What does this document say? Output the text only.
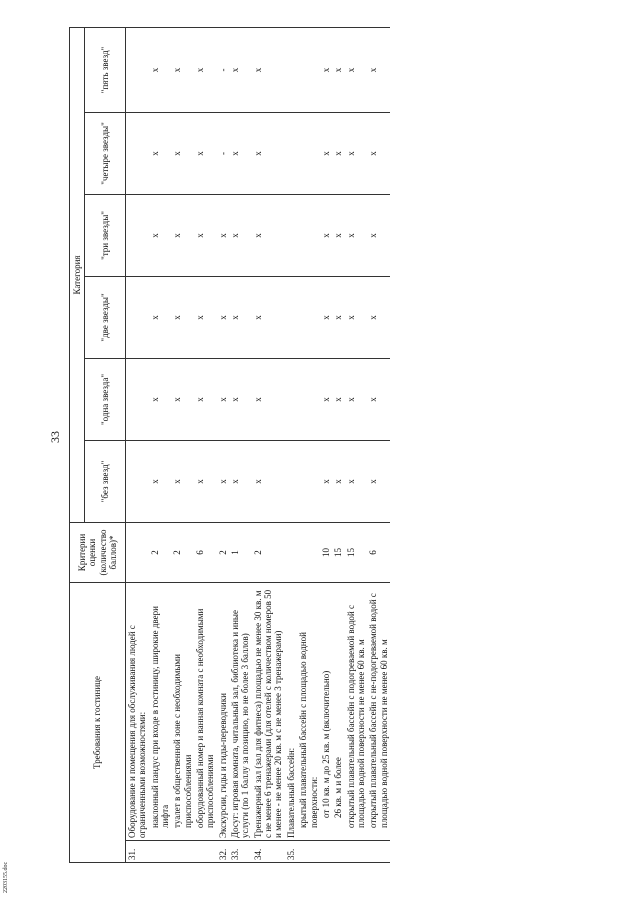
33
Требования к гостинице		Критерии оценки (количество баллов)*	Категория					
			"без звезд"	"одна звезда"	"две звезды"	"три звезды"	"четыре звезды"	"пять звезд"
31.	Оборудование и помещения для обслуживания людей с ограниченными возможностями:							
	наклонный пандус при входе в гостиницу, широкие двери лифта	2	x	x	x	x	x	x
	туалет в общественной зоне с необходимыми приспособлениями	2	x	x	x	x	x	x
	оборудованный номер и ванная комната с необходимыми приспособлениями	6	x	x	x	x	x	x
32.	Экскурсии, гиды и гиды-переводчики	2	x	x	x	x	-	-
33.	Досуг: игровая комната, читальный зал, библиотека и иные услуги (по 1 баллу за позицию, но не более 3 баллов)	1	x	x	x	x	x	x
34.	Тренажерный зал (зал для фитнеса) площадью не менее 30 кв. м с не менее 6 тренажерами (для отелей с количеством номеров 50 и менее - не менее 20 кв. м с не менее 3 тренажерами)	2	x	x	x	x	x	x
35.	Плавательный бассейн:							
	крытый плавательный бассейн с площадью водной поверхности:							
	от 10 кв. м до 25 кв. м (включительно)	10	x	x	x	x	x	x
	26 кв. м и более	15	x	x	x	x	x	x
	открытый плавательный бассейн с подогреваемой водой с площадью водной поверхности не менее 60 кв. м	15	x	x	x	x	x	x
	открытый плавательный бассейн с не-подогреваемой водой с площадью водной поверхности не менее 60 кв. м	6	x	x	x	x	x	x
2203155.doc
